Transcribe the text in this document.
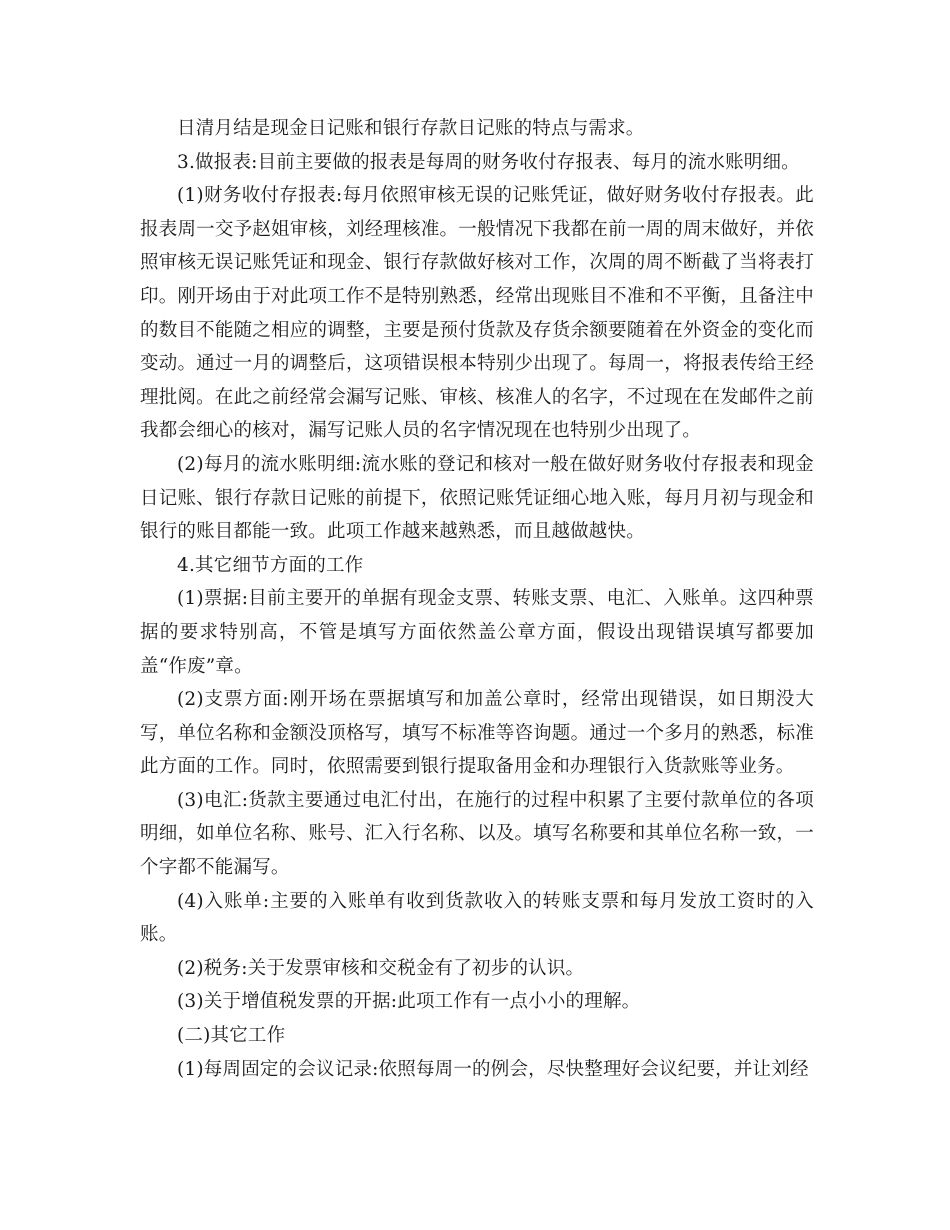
日清月结是现金日记账和银行存款日记账的特点与需求。

3.做报表:目前主要做的报表是每周的财务收付存报表、每月的流水账明细。

(1)财务收付存报表:每月依照审核无误的记账凭证，做好财务收付存报表。此报表周一交予赵姐审核，刘经理核准。一般情况下我都在前一周的周末做好，并依照审核无误记账凭证和现金、银行存款做好核对工作，次周的周不断截了当将表打印。刚开场由于对此项工作不是特别熟悉，经常出现账目不准和不平衡，且备注中的数目不能随之相应的调整，主要是预付货款及存货余额要随着在外资金的变化而变动。通过一月的调整后，这项错误根本特别少出现了。每周一，将报表传给王经理批阅。在此之前经常会漏写记账、审核、核准人的名字，不过现在在发邮件之前我都会细心的核对，漏写记账人员的名字情况现在也特别少出现了。

(2)每月的流水账明细:流水账的登记和核对一般在做好财务收付存报表和现金日记账、银行存款日记账的前提下，依照记账凭证细心地入账，每月月初与现金和银行的账目都能一致。此项工作越来越熟悉，而且越做越快。

4.其它细节方面的工作

(1)票据:目前主要开的单据有现金支票、转账支票、电汇、入账单。这四种票据的要求特别高，不管是填写方面依然盖公章方面，假设出现错误填写都要加盖“作废”章。

(2)支票方面:刚开场在票据填写和加盖公章时，经常出现错误，如日期没大写，单位名称和金额没顶格写，填写不标准等咨询题。通过一个多月的熟悉，标准此方面的工作。同时，依照需要到银行提取备用金和办理银行入货款账等业务。

(3)电汇:货款主要通过电汇付出，在施行的过程中积累了主要付款单位的各项明细，如单位名称、账号、汇入行名称、以及。填写名称要和其单位名称一致，一个字都不能漏写。

(4)入账单:主要的入账单有收到货款收入的转账支票和每月发放工资时的入账。

(2)税务:关于发票审核和交税金有了初步的认识。

(3)关于增值税发票的开据:此项工作有一点小小的理解。

(二)其它工作

(1)每周固定的会议记录:依照每周一的例会，尽快整理好会议纪要，并让刘经
